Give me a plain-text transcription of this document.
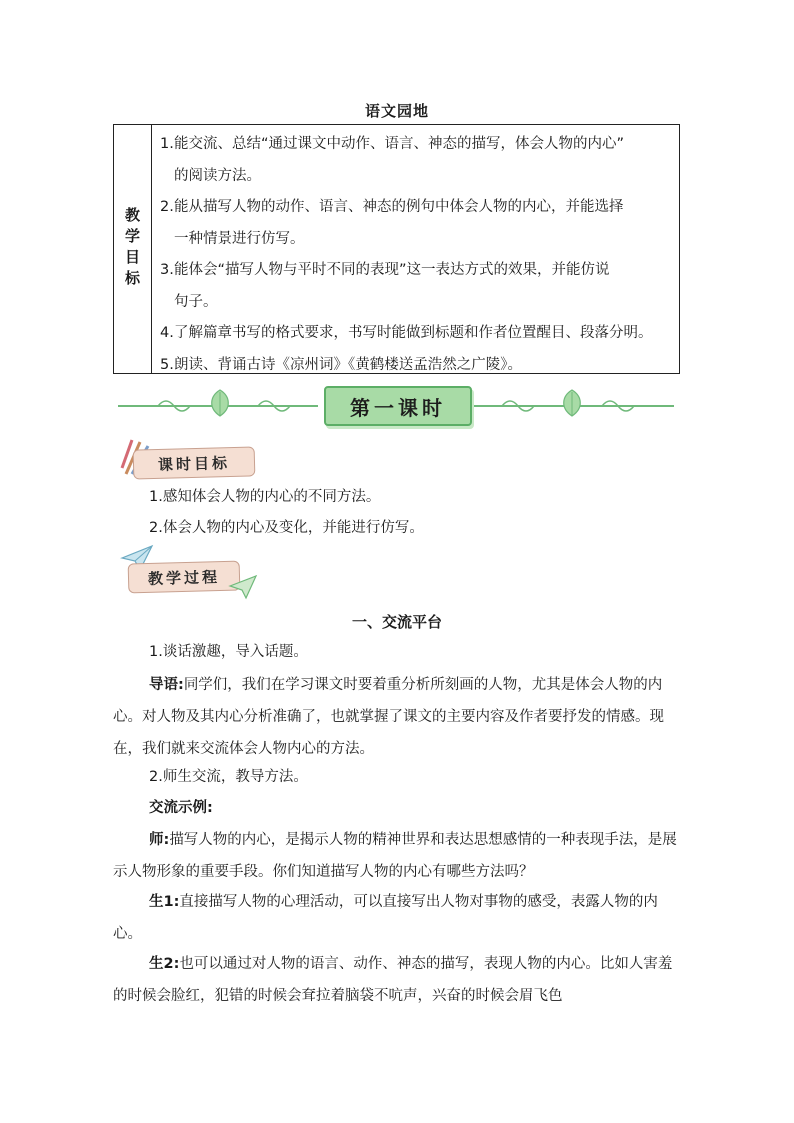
语文园地
教学目标
1. 能交流、总结“通过课文中动作、语言、神态的描写，体会人物的内心”
的阅读方法。
2. 能从描写人物的动作、语言、神态的例句中体会人物的内心，并能选择
一种情景进行仿写。
3. 能体会“描写人物与平时不同的表现”这一表达方式的效果，并能仿说
句子。
4. 了解篇章书写的格式要求，书写时能做到标题和作者位置醒目、段落分明。
5. 朗读、背诵古诗《凉州词》《黄鹤楼送孟浩然之广陵》。
第一课时
课时目标
1.感知体会人物的内心的不同方法。
2.体会人物的内心及变化，并能进行仿写。
教学过程
一、交流平台
1.谈话激趣，导入话题。
导语:同学们，我们在学习课文时要着重分析所刻画的人物，尤其是体会人物的内心。对人物及其内心分析准确了，也就掌握了课文的主要内容及作者要抒发的情感。现在，我们就来交流体会人物内心的方法。
2.师生交流，教导方法。
交流示例:
师:描写人物的内心，是揭示人物的精神世界和表达思想感情的一种表现手法，是展示人物形象的重要手段。你们知道描写人物的内心有哪些方法吗？
生1:直接描写人物的心理活动，可以直接写出人物对事物的感受，表露人物的内心。
生2:也可以通过对人物的语言、动作、神态的描写，表现人物的内心。比如人害羞的时候会脸红，犯错的时候会耷拉着脑袋不吭声，兴奋的时候会眉飞色
